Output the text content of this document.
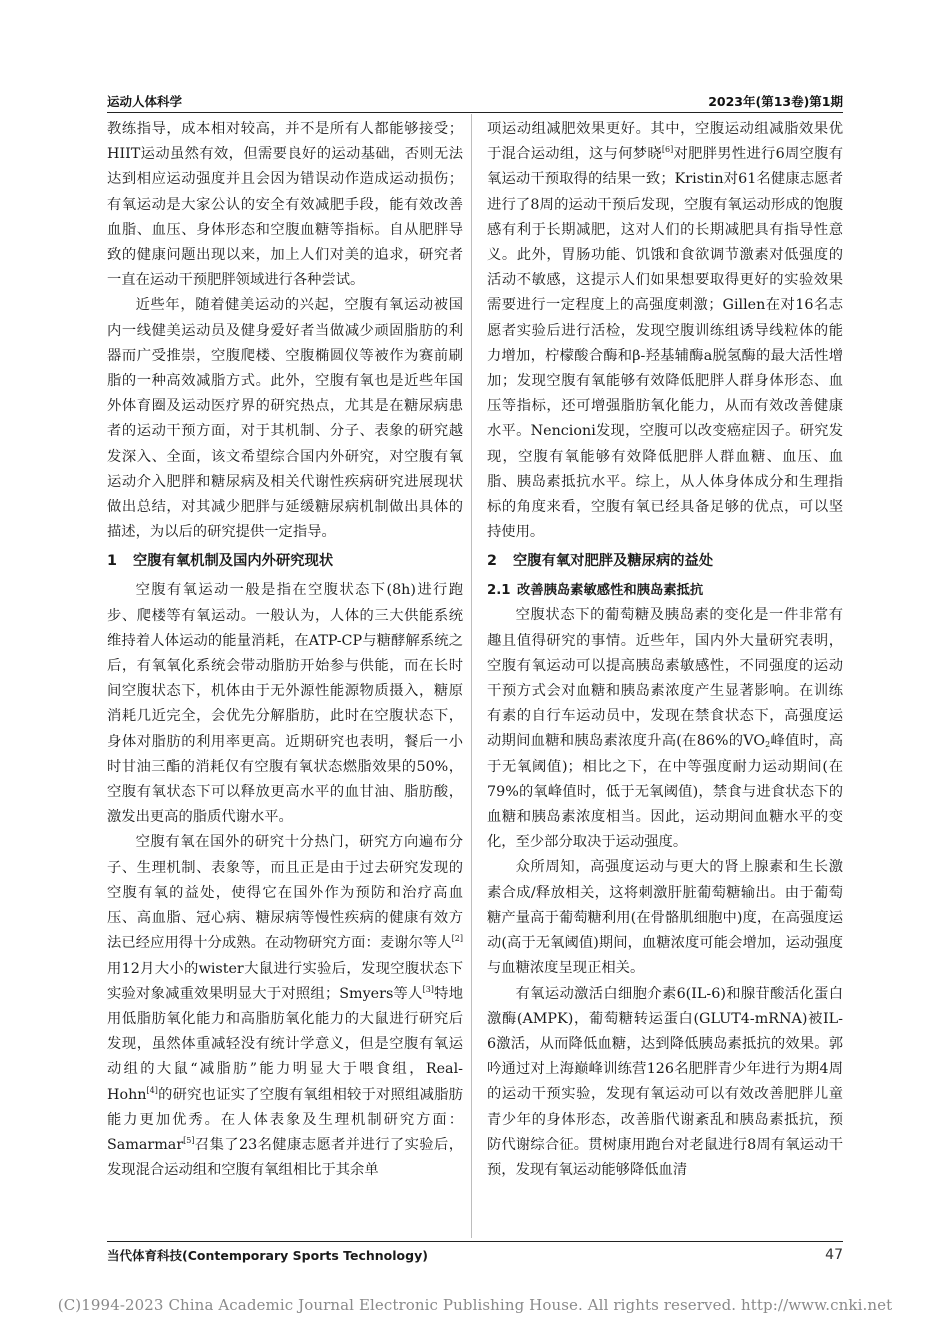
运动人体科学	2023年(第13卷)第1期

教练指导，成本相对较高，并不是所有人都能够接受；HIIT运动虽然有效，但需要良好的运动基础，否则无法达到相应运动强度并且会因为错误动作造成运动损伤；有氧运动是大家公认的安全有效减肥手段，能有效改善血脂、血压、身体形态和空腹血糖等指标。自从肥胖导致的健康问题出现以来，加上人们对美的追求，研究者一直在运动干预肥胖领域进行各种尝试。

近些年，随着健美运动的兴起，空腹有氧运动被国内一线健美运动员及健身爱好者当做减少顽固脂肪的利器而广受推崇，空腹爬楼、空腹椭圆仪等被作为赛前刷脂的一种高效减脂方式。此外，空腹有氧也是近些年国外体育圈及运动医疗界的研究热点，尤其是在糖尿病患者的运动干预方面，对于其机制、分子、表象的研究越发深入、全面，该文希望综合国内外研究，对空腹有氧运动介入肥胖和糖尿病及相关代谢性疾病研究进展现状做出总结，对其减少肥胖与延缓糖尿病机制做出具体的描述，为以后的研究提供一定指导。

1 空腹有氧机制及国内外研究现状

空腹有氧运动一般是指在空腹状态下(8h)进行跑步、爬楼等有氧运动。一般认为，人体的三大供能系统维持着人体运动的能量消耗，在ATP-CP与糖酵解系统之后，有氧氧化系统会带动脂肪开始参与供能，而在长时间空腹状态下，机体由于无外源性能源物质摄入，糖原消耗几近完全，会优先分解脂肪，此时在空腹状态下，身体对脂肪的利用率更高。近期研究也表明，餐后一小时甘油三酯的消耗仅有空腹有氧状态燃脂效果的50%，空腹有氧状态下可以释放更高水平的血甘油、脂肪酸，激发出更高的脂质代谢水平。

空腹有氧在国外的研究十分热门，研究方向遍布分子、生理机制、表象等，而且正是由于过去研究发现的空腹有氧的益处，使得它在国外作为预防和治疗高血压、高血脂、冠心病、糖尿病等慢性疾病的健康有效方法已经应用得十分成熟。在动物研究方面：麦谢尔等人[2]用12月大小的wister大鼠进行实验后，发现空腹状态下实验对象减重效果明显大于对照组；Smyers等人[3]特地用低脂肪氧化能力和高脂肪氧化能力的大鼠进行研究后发现，虽然体重减轻没有统计学意义，但是空腹有氧运动组的大鼠“减脂肪”能力明显大于喂食组，Real-Hohn[4]的研究也证实了空腹有氧组相较于对照组减脂肪能力更加优秀。在人体表象及生理机制研究方面：Samarmar[5]召集了23名健康志愿者并进行了实验后，发现混合运动组和空腹有氧组相比于其余单

项运动组减肥效果更好。其中，空腹运动组减脂效果优于混合运动组，这与何梦晓[6]对肥胖男性进行6周空腹有氧运动干预取得的结果一致；Kristin对61名健康志愿者进行了8周的运动干预后发现，空腹有氧运动形成的饱腹感有利于长期减肥，这对人们的长期减肥具有指导性意义。此外，胃肠功能、饥饿和食欲调节激素对低强度的活动不敏感，这提示人们如果想要取得更好的实验效果需要进行一定程度上的高强度刺激；Gillen在对16名志愿者实验后进行活检，发现空腹训练组诱导线粒体的能力增加，柠檬酸合酶和β-羟基辅酶a脱氢酶的最大活性增加；发现空腹有氧能够有效降低肥胖人群身体形态、血压等指标，还可增强脂肪氧化能力，从而有效改善健康水平。Nencioni发现，空腹可以改变癌症因子。研究发现，空腹有氧能够有效降低肥胖人群血糖、血压、血脂、胰岛素抵抗水平。综上，从人体身体成分和生理指标的角度来看，空腹有氧已经具备足够的优点，可以坚持使用。

2 空腹有氧对肥胖及糖尿病的益处
2.1 改善胰岛素敏感性和胰岛素抵抗

空腹状态下的葡萄糖及胰岛素的变化是一件非常有趣且值得研究的事情。近些年，国内外大量研究表明，空腹有氧运动可以提高胰岛素敏感性，不同强度的运动干预方式会对血糖和胰岛素浓度产生显著影响。在训练有素的自行车运动员中，发现在禁食状态下，高强度运动期间血糖和胰岛素浓度升高(在86%的$VO_2$峰值时，高于无氧阈值)；相比之下，在中等强度耐力运动期间(在79%的氧峰值时，低于无氧阈值)，禁食与进食状态下的血糖和胰岛素浓度相当。因此，运动期间血糖水平的变化，至少部分取决于运动强度。

众所周知，高强度运动与更大的肾上腺素和生长激素合成/释放相关，这将刺激肝脏葡萄糖输出。由于葡萄糖产量高于葡萄糖利用(在骨骼肌细胞中)度，在高强度运动(高于无氧阈值)期间，血糖浓度可能会增加，运动强度与血糖浓度呈现正相关。

有氧运动激活白细胞介素6(IL-6)和腺苷酸活化蛋白激酶(AMPK)，葡萄糖转运蛋白(GLUT4-mRNA)被IL-6激活，从而降低血糖，达到降低胰岛素抵抗的效果。郭吟通过对上海巅峰训练营126名肥胖青少年进行为期4周的运动干预实验，发现有氧运动可以有效改善肥胖儿童青少年的身体形态，改善脂代谢紊乱和胰岛素抵抗，预防代谢综合征。贯树康用跑台对老鼠进行8周有氧运动干预，发现有氧运动能够降低血清

当代体育科技(Contemporary Sports Technology)	47
(C)1994-2023 China Academic Journal Electronic Publishing House. All rights reserved. http://www.cnki.net
